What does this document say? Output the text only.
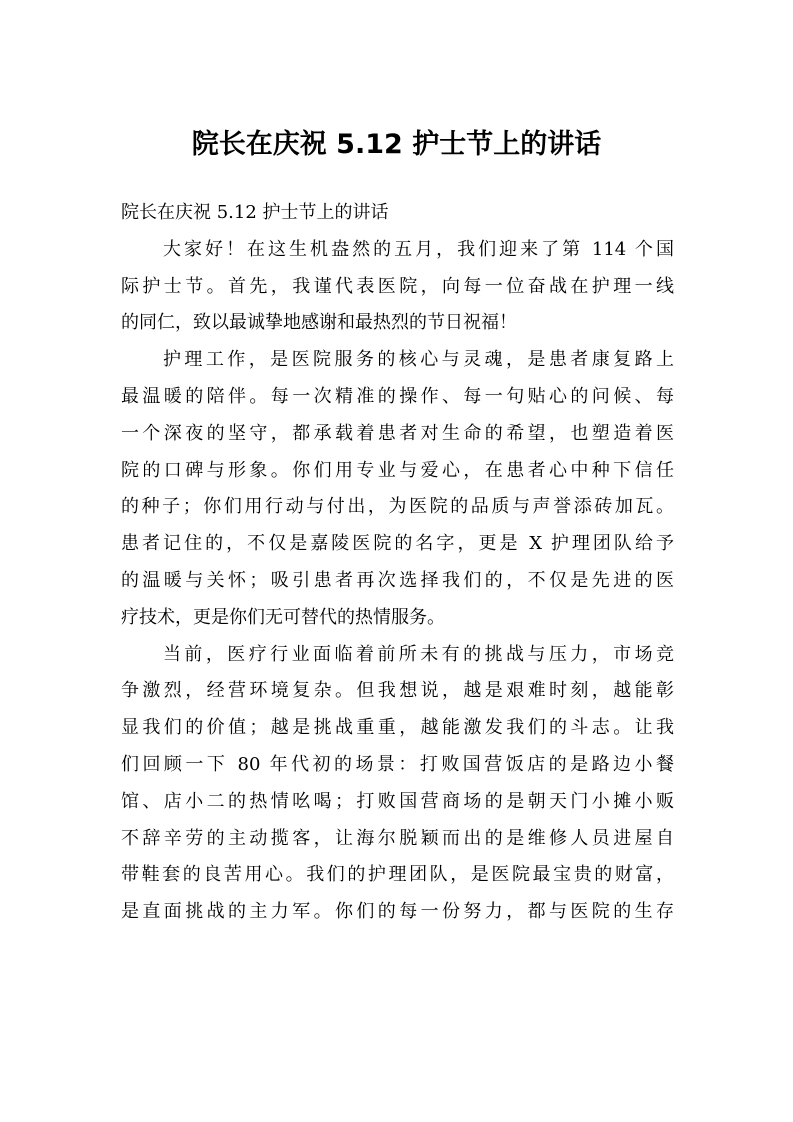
院长在庆祝 5.12 护士节上的讲话
院长在庆祝 5.12 护士节上的讲话
大家好！在这生机盎然的五月，我们迎来了第 114 个国
际护士节。首先，我谨代表医院，向每一位奋战在护理一线
的同仁，致以最诚挚地感谢和最热烈的节日祝福！
护理工作，是医院服务的核心与灵魂，是患者康复路上
最温暖的陪伴。每一次精准的操作、每一句贴心的问候、每
一个深夜的坚守，都承载着患者对生命的希望，也塑造着医
院的口碑与形象。你们用专业与爱心，在患者心中种下信任
的种子；你们用行动与付出，为医院的品质与声誉添砖加瓦。
患者记住的，不仅是嘉陵医院的名字，更是 X 护理团队给予
的温暖与关怀；吸引患者再次选择我们的，不仅是先进的医
疗技术，更是你们无可替代的热情服务。
当前，医疗行业面临着前所未有的挑战与压力，市场竞
争激烈，经营环境复杂。但我想说，越是艰难时刻，越能彰
显我们的价值；越是挑战重重，越能激发我们的斗志。让我
们回顾一下 80 年代初的场景：打败国营饭店的是路边小餐
馆、店小二的热情吆喝；打败国营商场的是朝天门小摊小贩
不辞辛劳的主动揽客，让海尔脱颖而出的是维修人员进屋自
带鞋套的良苦用心。我们的护理团队，是医院最宝贵的财富，
是直面挑战的主力军。你们的每一份努力，都与医院的生存
